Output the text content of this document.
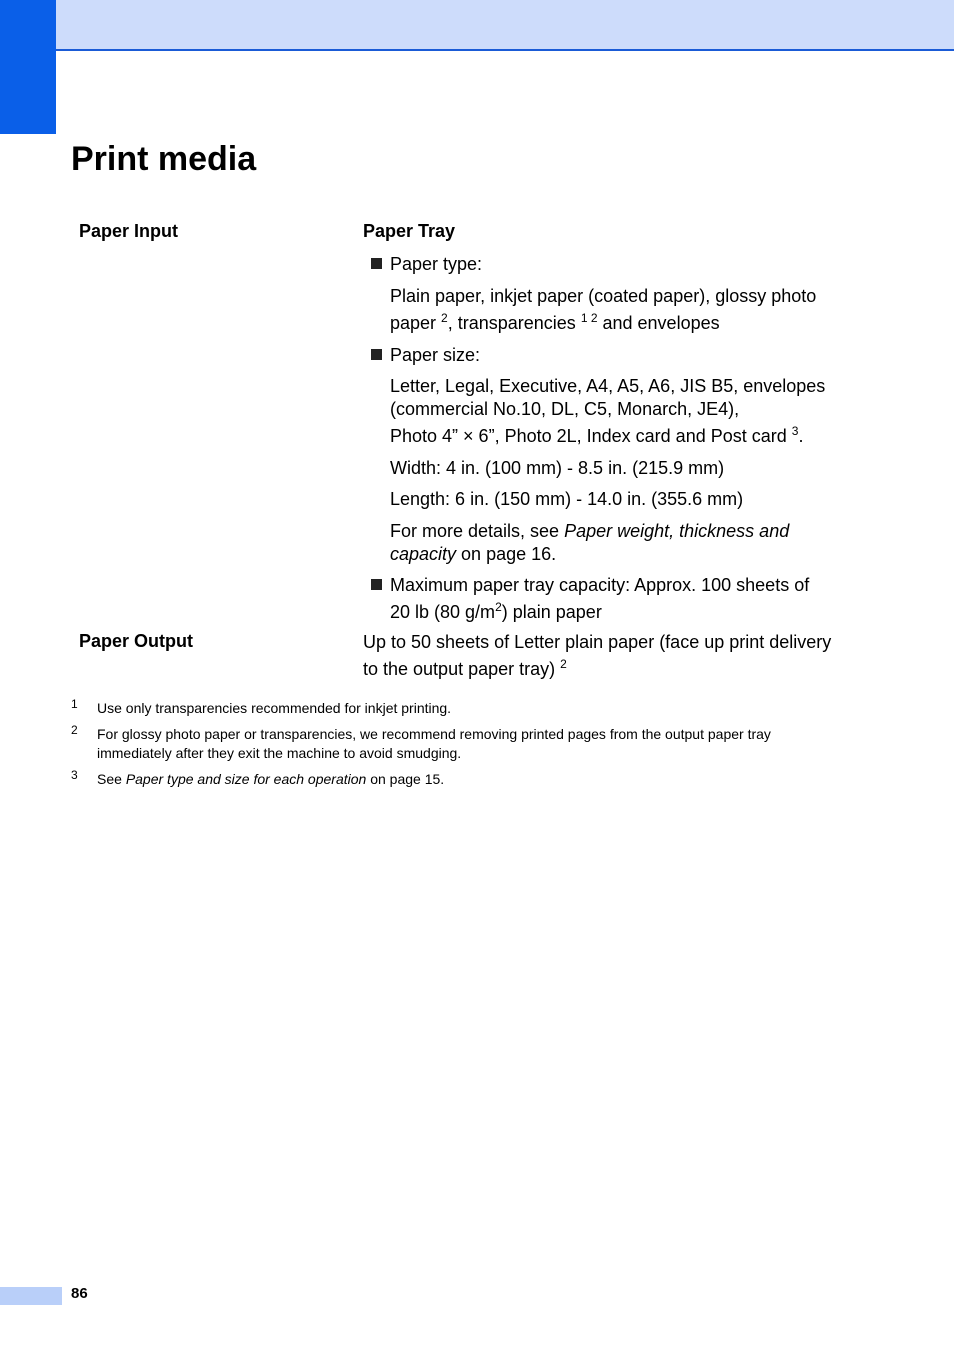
Print media
Paper Input	Paper Tray
Paper type:
Plain paper, inkjet paper (coated paper), glossy photo
paper $^2$, transparencies $^{1 2}$ and envelopes
Paper size:
Letter, Legal, Executive, A4, A5, A6, JIS B5, envelopes
(commercial No.10, DL, C5, Monarch, JE4),
Photo 4” × 6”, Photo 2L, Index card and Post card $^3$.
Width: 4 in. (100 mm) - 8.5 in. (215.9 mm)
Length: 6 in. (150 mm) - 14.0 in. (355.6 mm)
For more details, see Paper weight, thickness and
capacity on page 16.
Maximum paper tray capacity: Approx. 100 sheets of
20 lb (80 $g/m^2$) plain paper
Paper Output	Up to 50 sheets of Letter plain paper (face up print delivery
to the output paper tray) $^2$
1 Use only transparencies recommended for inkjet printing.
2 For glossy photo paper or transparencies, we recommend removing printed pages from the output paper tray
immediately after they exit the machine to avoid smudging.
3 See Paper type and size for each operation on page 15.
86
